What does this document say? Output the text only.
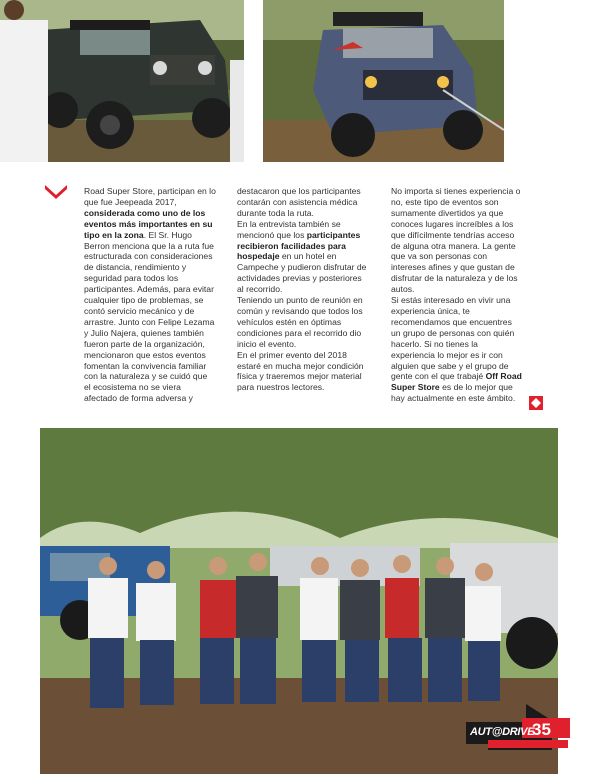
Road Super Store, participan en lo que fue Jeepeada 2017, considerada como uno de los eventos más importantes en su tipo en la zona. El Sr. Hugo Berron menciona que la a ruta fue estructurada con consideraciones de distancia, rendimiento y seguridad para todos los participantes. Además, para evitar cualquier tipo de problemas, se contó servicio mecánico y de arrastre. Junto con Felipe Lezama y Julio Najera, quienes también fueron parte de la organización, mencionaron que estos eventos fomentan la convivencia familiar con la naturaleza y se cuidó que el ecosistema no se viera afectado de forma adversa y

destacaron que los participantes contarán con asistencia médica durante toda la ruta.
En la entrevista también se mencionó que los participantes recibieron facilidades para hospedaje en un hotel en Campeche y pudieron disfrutar de actividades previas y posteriores al recorrido.
Teniendo un punto de reunión en común y revisando que todos los vehículos estén en óptimas condiciones para el recorrido dio inicio el evento.
En el primer evento del 2018 estaré en mucha mejor condición física y traeremos mejor material para nuestros lectores.

No importa si tienes experiencia o no, este tipo de eventos son sumamente divertidos ya que conoces lugares increíbles a los que difícilmente tendrías acceso de alguna otra manera. La gente que va son personas con intereses afines y que gustan de disfrutar de la naturaleza y de los autos.
Si estás interesado en vivir una experiencia única, te recomendamos que encuentres un grupo de personas con quién hacerlo. Si no tienes la experiencia lo mejor es ir con alguien que sabe y el grupo de gente con el que trabajé Off Road Super Store es de lo mejor que hay actualmente en este ámbito.

AUT@DRIVE
35
